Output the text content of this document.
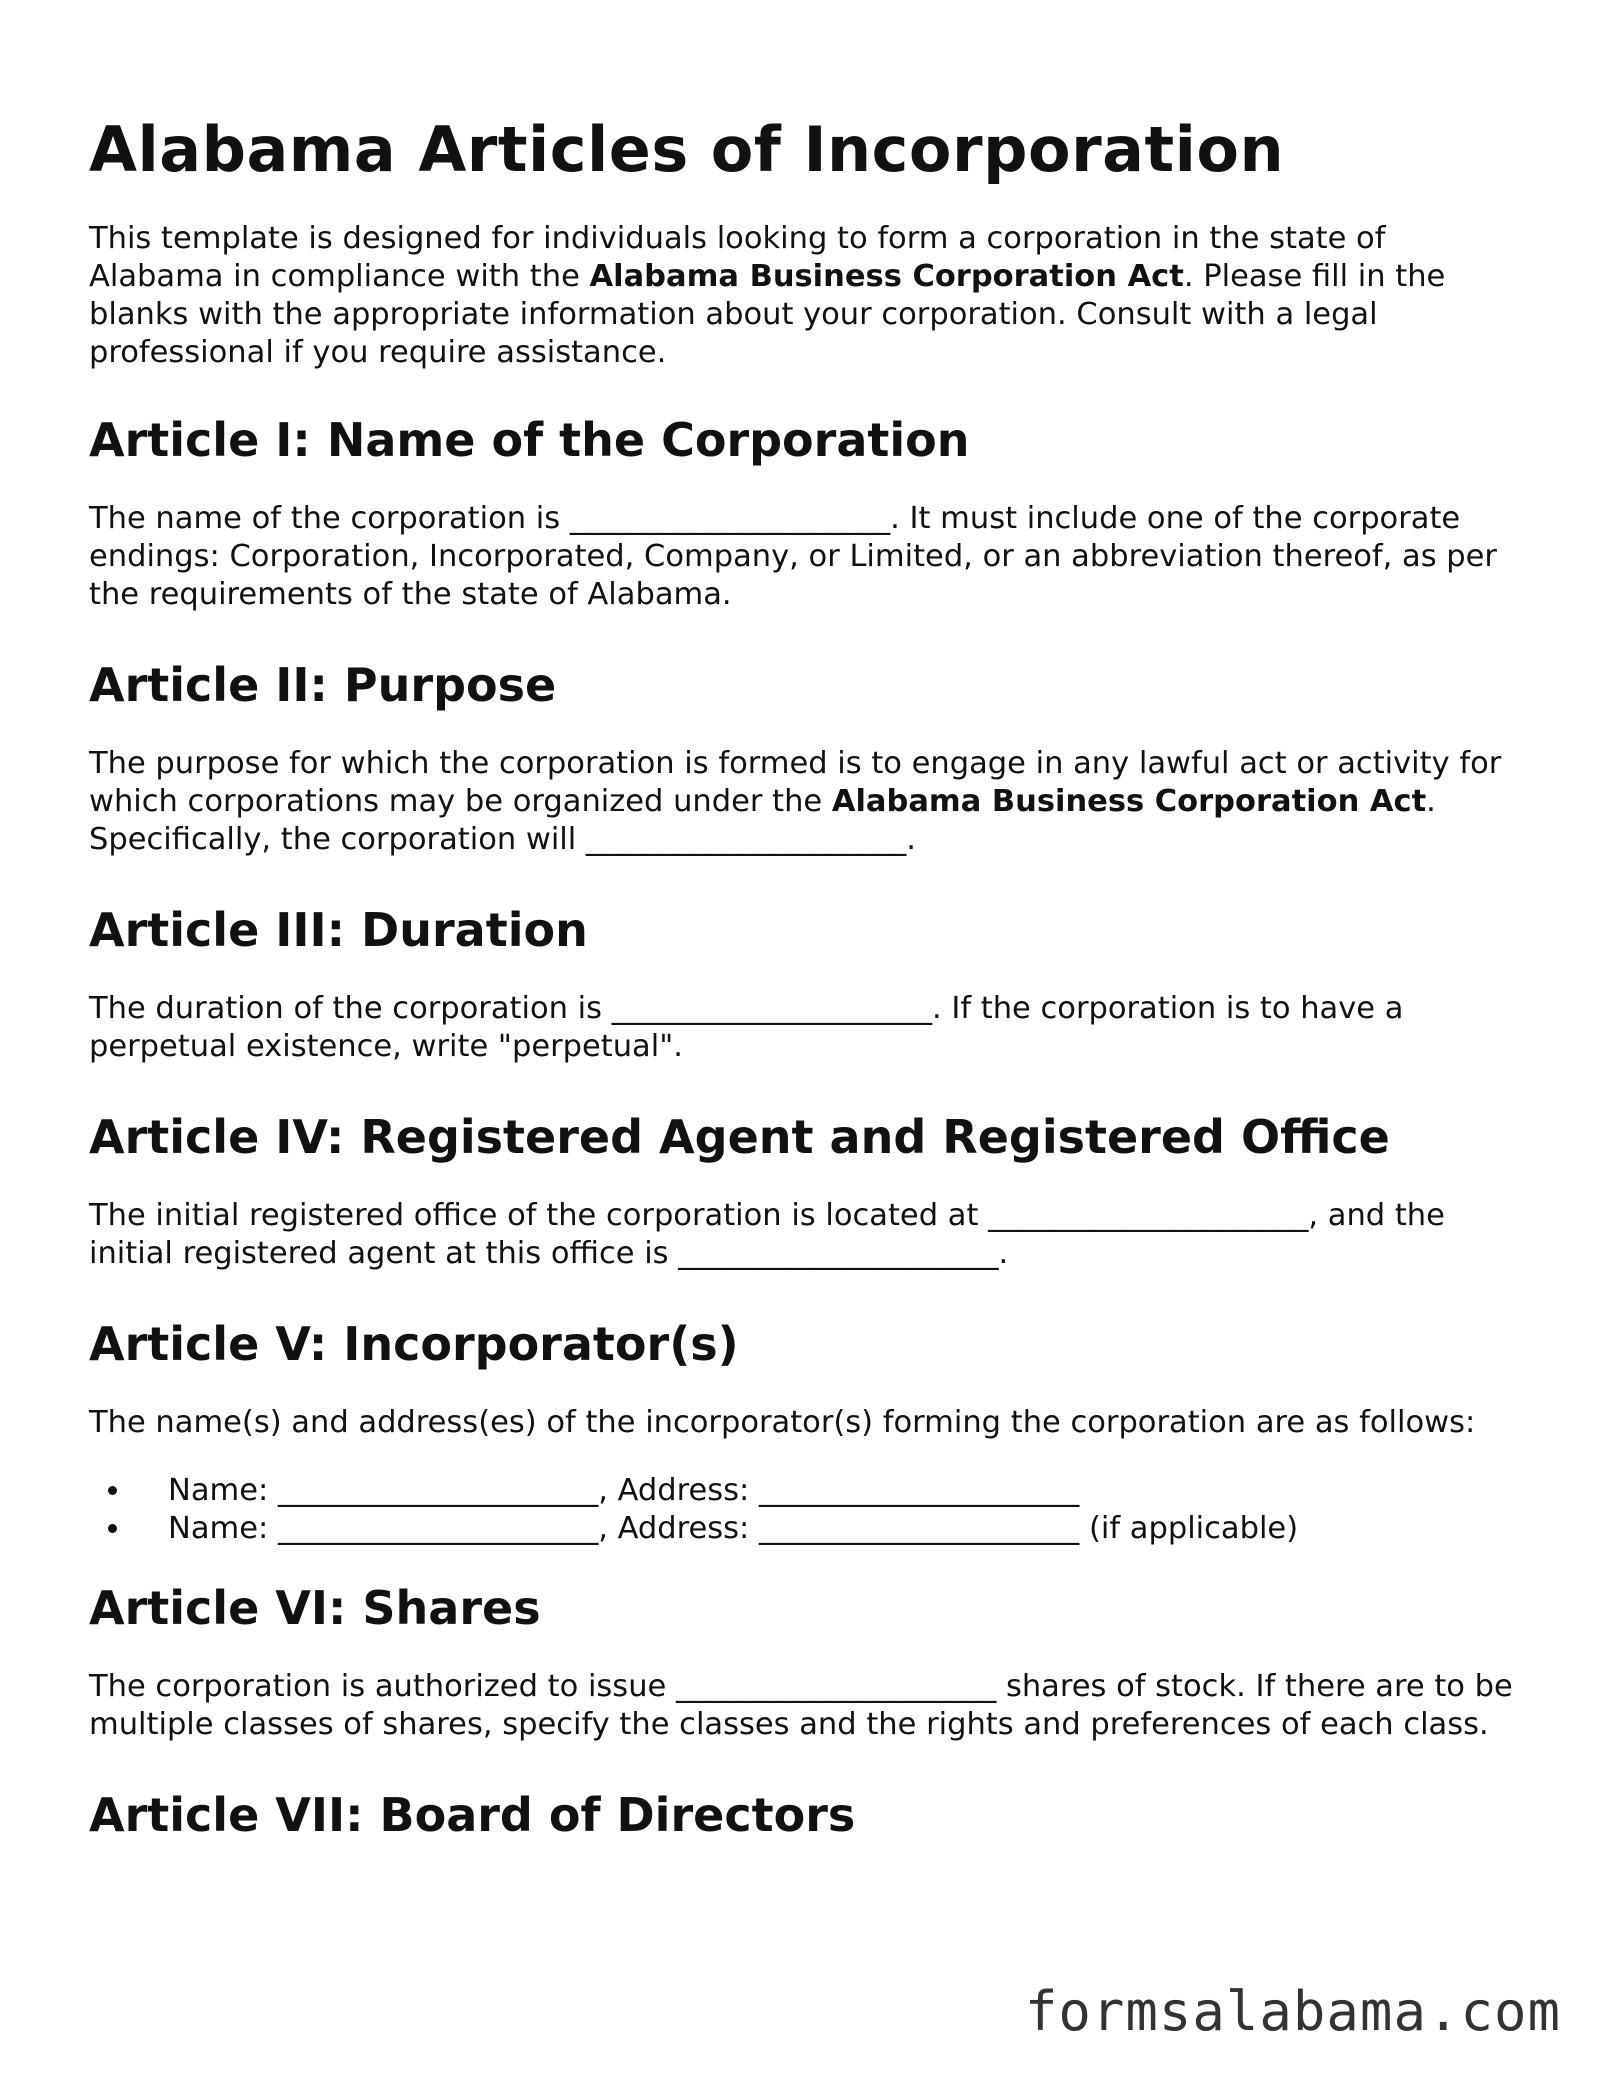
Alabama Articles of Incorporation

This template is designed for individuals looking to form a corporation in the state of Alabama in compliance with the Alabama Business Corporation Act. Please fill in the blanks with the appropriate information about your corporation. Consult with a legal professional if you require assistance.

Article I: Name of the Corporation

The name of the corporation is _____________________. It must include one of the corporate endings: Corporation, Incorporated, Company, or Limited, or an abbreviation thereof, as per the requirements of the state of Alabama.

Article II: Purpose

The purpose for which the corporation is formed is to engage in any lawful act or activity for which corporations may be organized under the Alabama Business Corporation Act. Specifically, the corporation will _____________________.

Article III: Duration

The duration of the corporation is _____________________. If the corporation is to have a perpetual existence, write "perpetual".

Article IV: Registered Agent and Registered Office

The initial registered office of the corporation is located at _____________________, and the initial registered agent at this office is _____________________.

Article V: Incorporator(s)

The name(s) and address(es) of the incorporator(s) forming the corporation are as follows:

• Name: _____________________, Address: _____________________
• Name: _____________________, Address: _____________________ (if applicable)
Article VI: Shares

The corporation is authorized to issue _____________________ shares of stock. If there are to be multiple classes of shares, specify the classes and the rights and preferences of each class.

Article VII: Board of Directors
formsalabama.com
